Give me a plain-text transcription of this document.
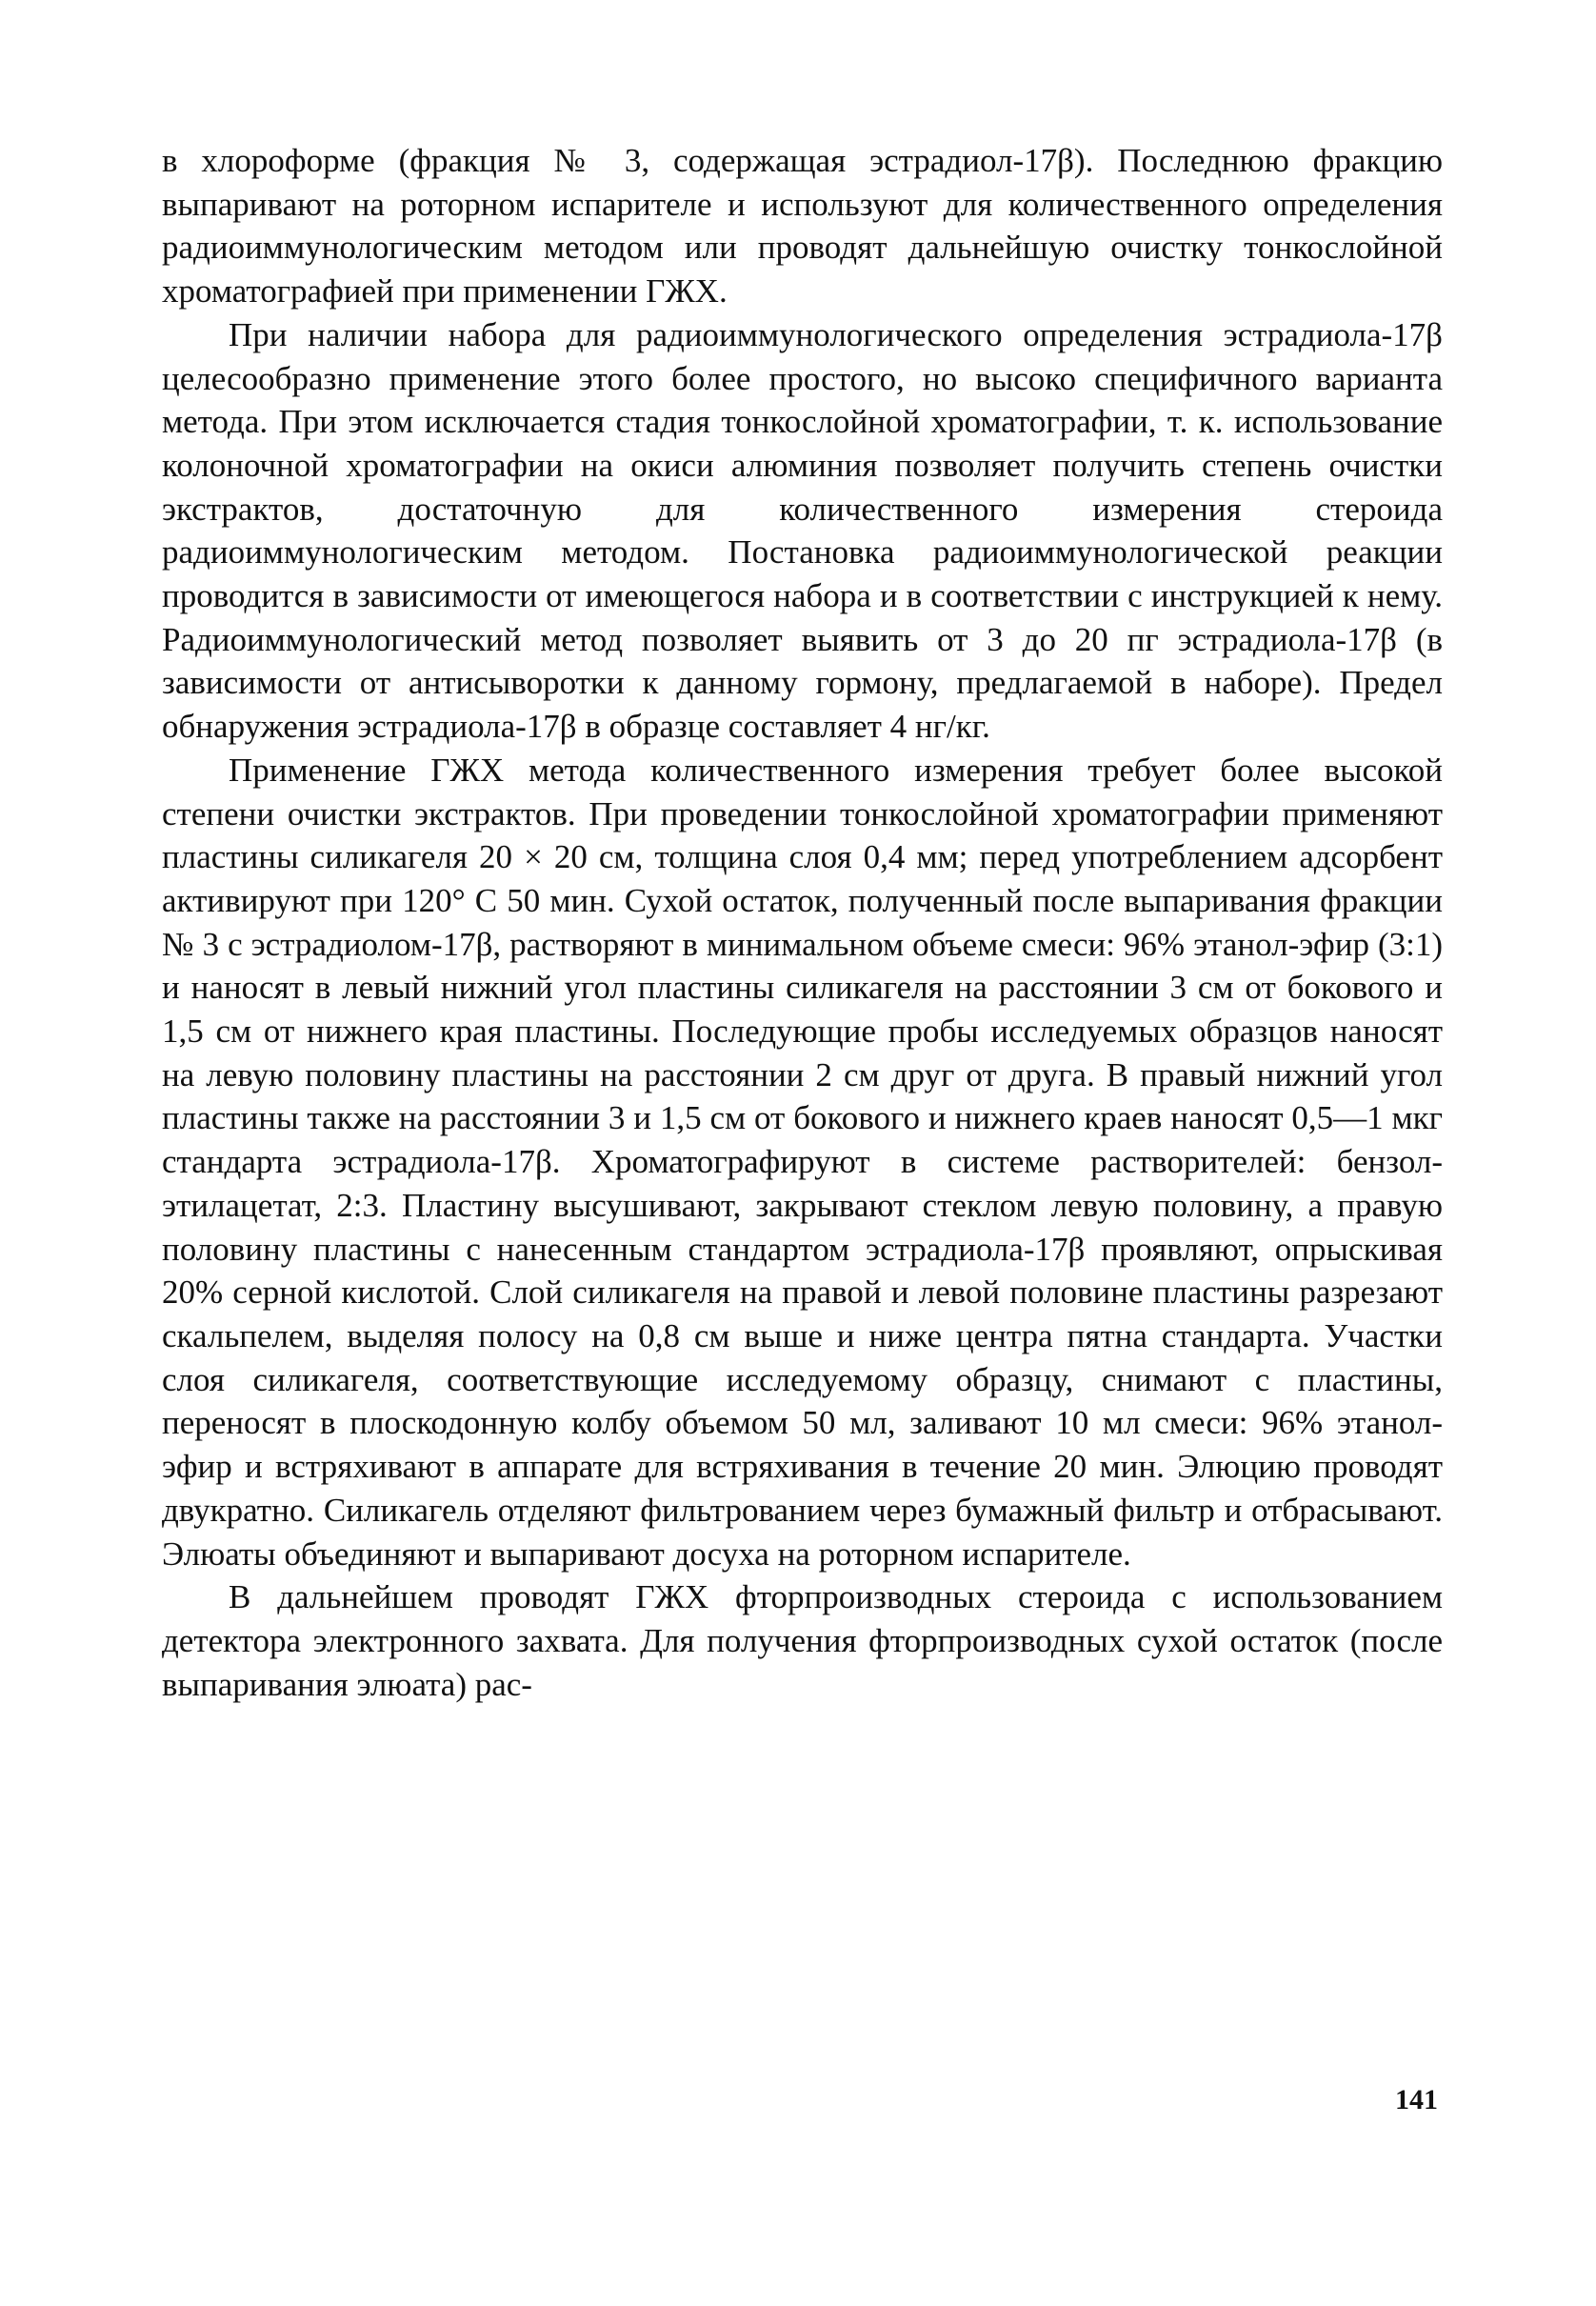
в хлороформе (фракция № 3, содержащая эстрадиол-17β). Последнюю фракцию выпаривают на роторном испарителе и используют для количественного определения радиоиммунологическим методом или проводят дальнейшую очистку тонкослойной хроматографией при применении ГЖХ.

При наличии набора для радиоиммунологического определения эстрадиола-17β целесообразно применение этого более простого, но высоко специфичного варианта метода. При этом исключается стадия тонкослойной хроматографии, т. к. использование колоночной хроматографии на окиси алюминия позволяет получить степень очистки экстрактов, достаточную для количественного измерения стероида радиоиммунологическим методом. Постановка радиоиммунологической реакции проводится в зависимости от имеющегося набора и в соответствии с инструкцией к нему. Радиоиммунологический метод позволяет выявить от 3 до 20 пг эстрадиола-17β (в зависимости от антисыворотки к данному гормону, предлагаемой в наборе). Предел обнаружения эстрадиола-17β в образце составляет 4 нг/кг.

Применение ГЖХ метода количественного измерения требует более высокой степени очистки экстрактов. При проведении тонкослойной хроматографии применяют пластины силикагеля 20 × 20 см, толщина слоя 0,4 мм; перед употреблением адсорбент активируют при 120° С 50 мин. Сухой остаток, полученный после выпаривания фракции № 3 с эстрадиолом-17β, растворяют в минимальном объеме смеси: 96% этанол-эфир (3:1) и наносят в левый нижний угол пластины силикагеля на расстоянии 3 см от бокового и 1,5 см от нижнего края пластины. Последующие пробы исследуемых образцов наносят на левую половину пластины на расстоянии 2 см друг от друга. В правый нижний угол пластины также на расстоянии 3 и 1,5 см от бокового и нижнего краев наносят 0,5—1 мкг стандарта эстрадиола-17β. Хроматографируют в системе растворителей: бензол-этилацетат, 2:3. Пластину высушивают, закрывают стеклом левую половину, а правую половину пластины с нанесенным стандартом эстрадиола-17β проявляют, опрыскивая 20% серной кислотой. Слой силикагеля на правой и левой половине пластины разрезают скальпелем, выделяя полосу на 0,8 см выше и ниже центра пятна стандарта. Участки слоя силикагеля, соответствующие исследуемому образцу, снимают с пластины, переносят в плоскодонную колбу объемом 50 мл, заливают 10 мл смеси: 96% этанол-эфир и встряхивают в аппарате для встряхивания в течение 20 мин. Элюцию проводят двукратно. Силикагель отделяют фильтрованием через бумажный фильтр и отбрасывают. Элюаты объединяют и выпаривают досуха на роторном испарителе.

В дальнейшем проводят ГЖХ фторпроизводных стероида с использованием детектора электронного захвата. Для получения фторпроизводных сухой остаток (после выпаривания элюата) рас-

141
